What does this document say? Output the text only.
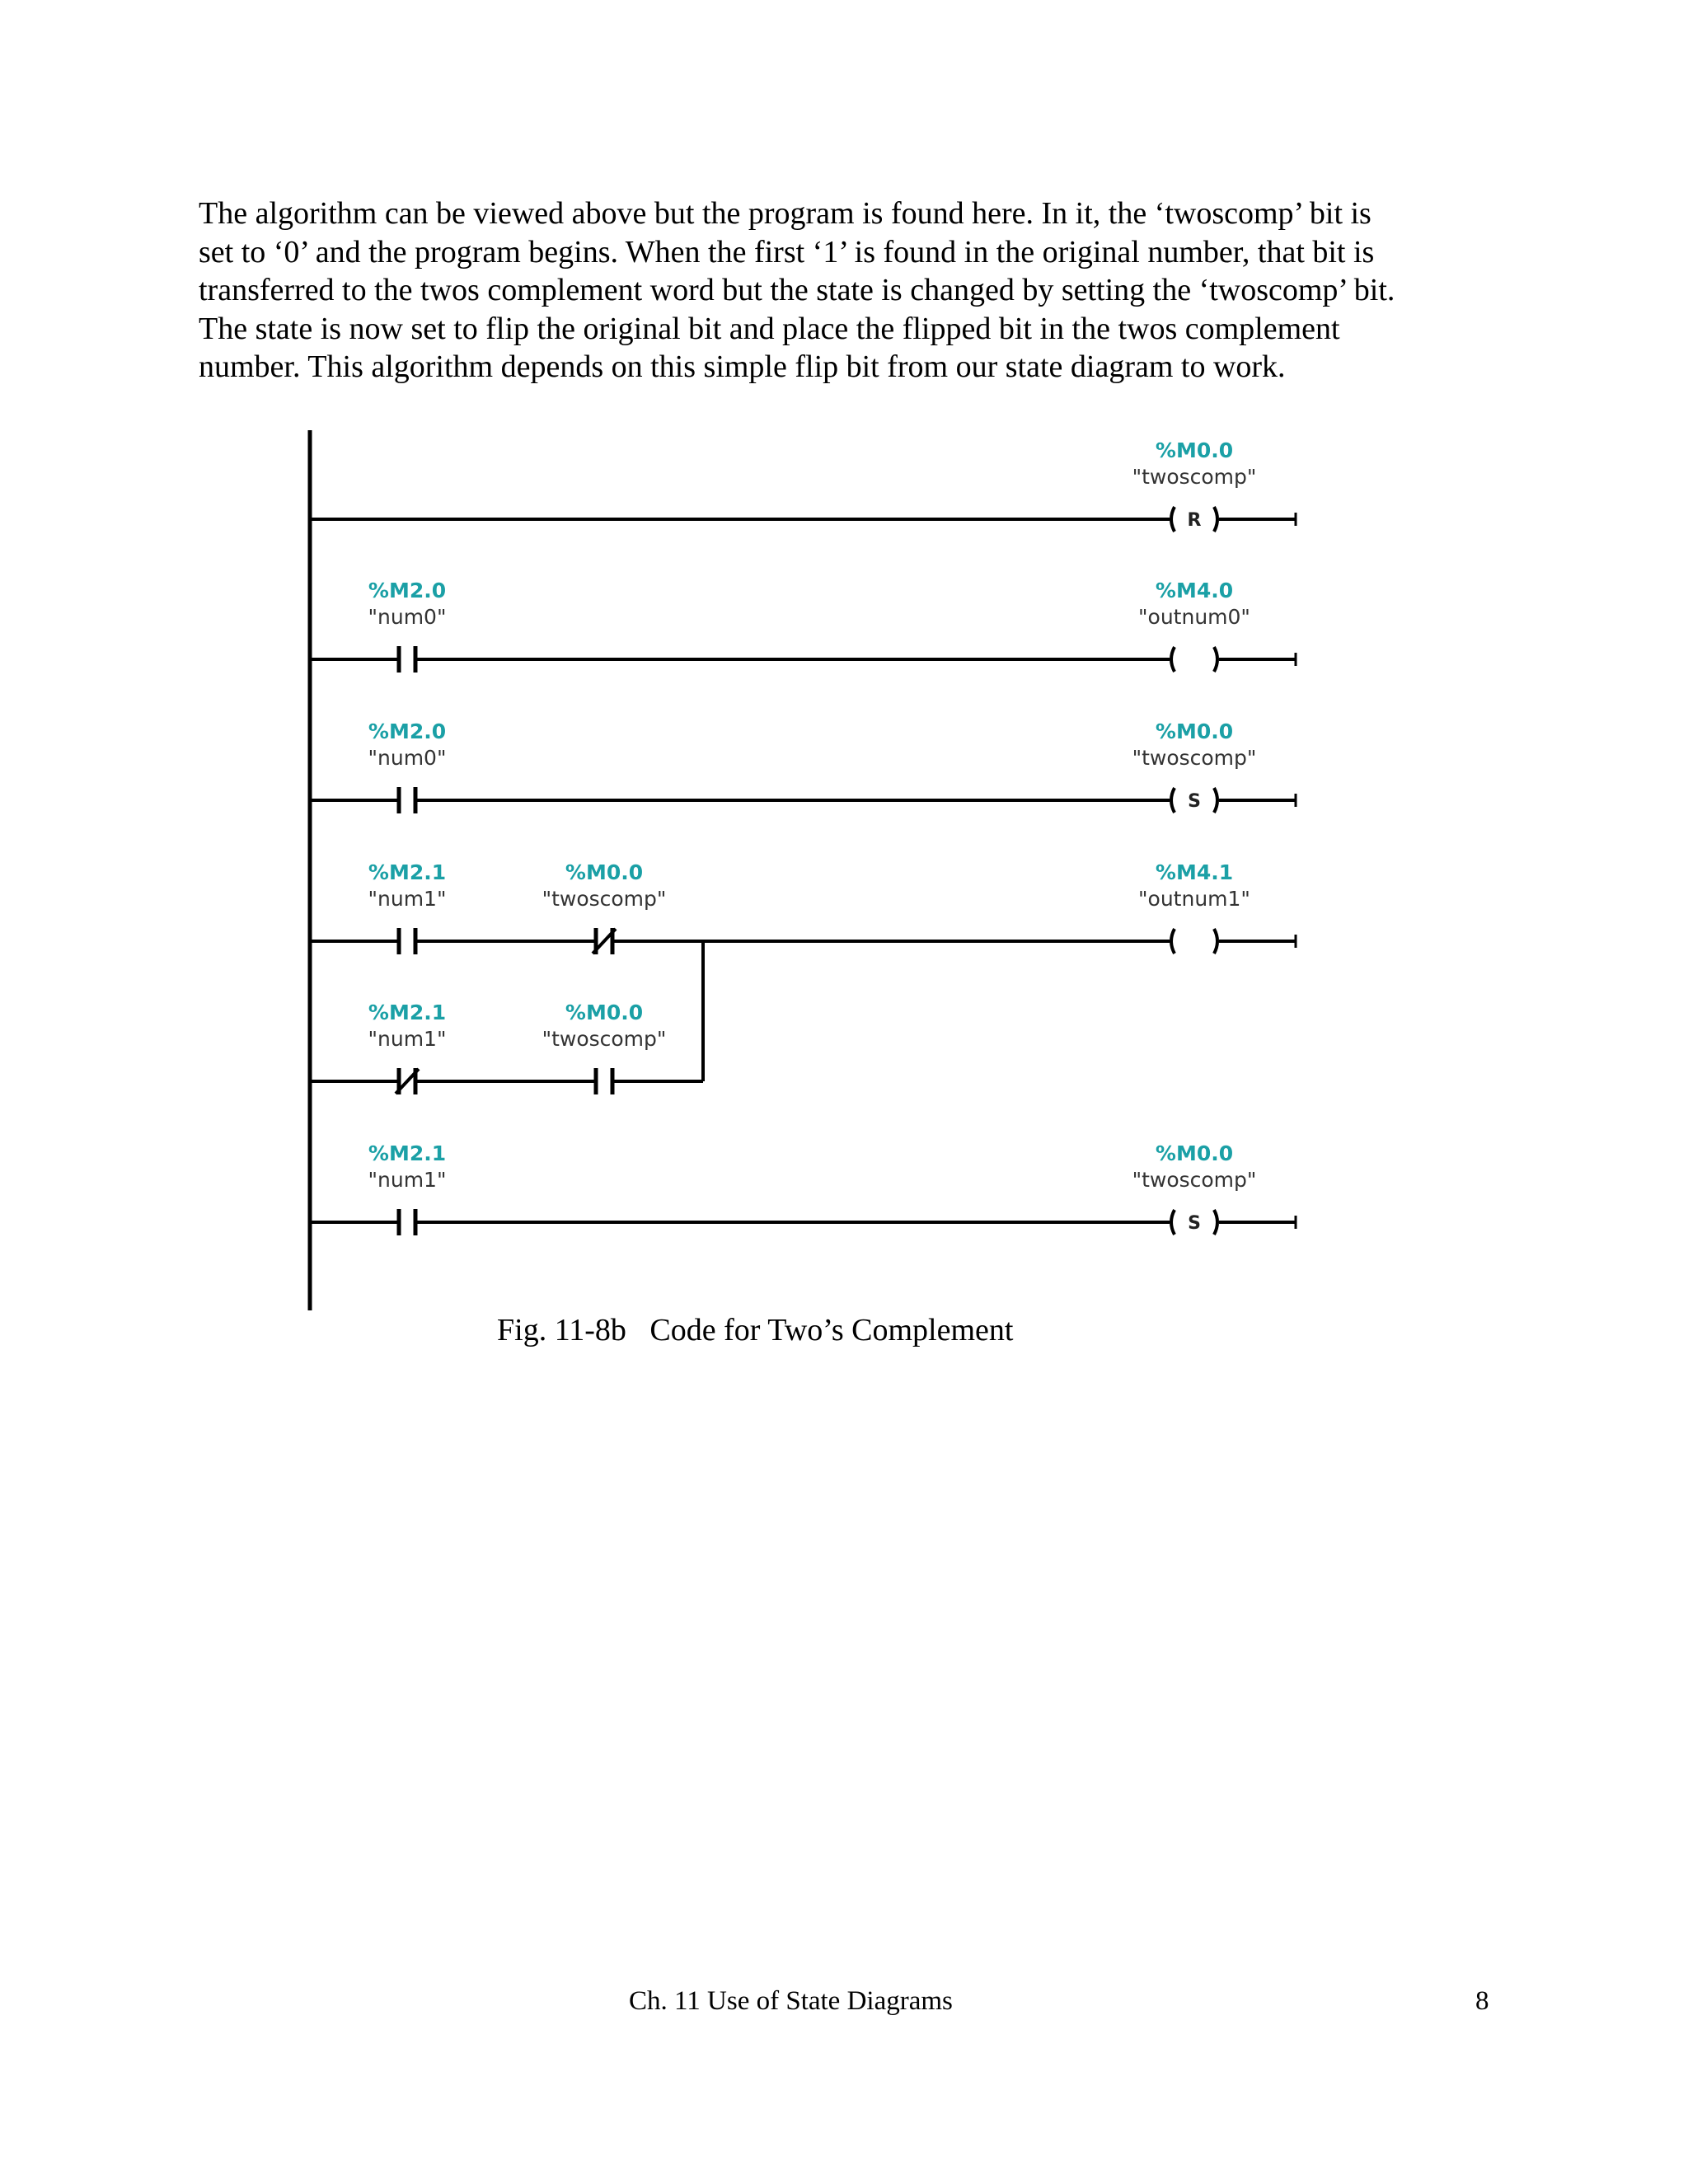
The algorithm can be viewed above but the program is found here. In it, the ‘twoscomp’ bit is
set to ‘0’ and the program begins. When the first ‘1’ is found in the original number, that bit is
transferred to the twos complement word but the state is changed by setting the ‘twoscomp’ bit.
The state is now set to flip the original bit and place the flipped bit in the twos complement
number. This algorithm depends on this simple flip bit from our state diagram to work.
R
%M0.0
"twoscomp"
%M2.0
"num0"
%M4.0
"outnum0"
%M2.0
"num0"
S
%M0.0
"twoscomp"
%M2.1
"num1"
%M0.0
"twoscomp"
%M4.1
"outnum1"
%M2.1
"num1"
%M0.0
"twoscomp"
%M2.1
"num1"
S
%M0.0
"twoscomp"

Fig. 11-8b   Code for Two’s Complement

Ch. 11 Use of State Diagrams	8
